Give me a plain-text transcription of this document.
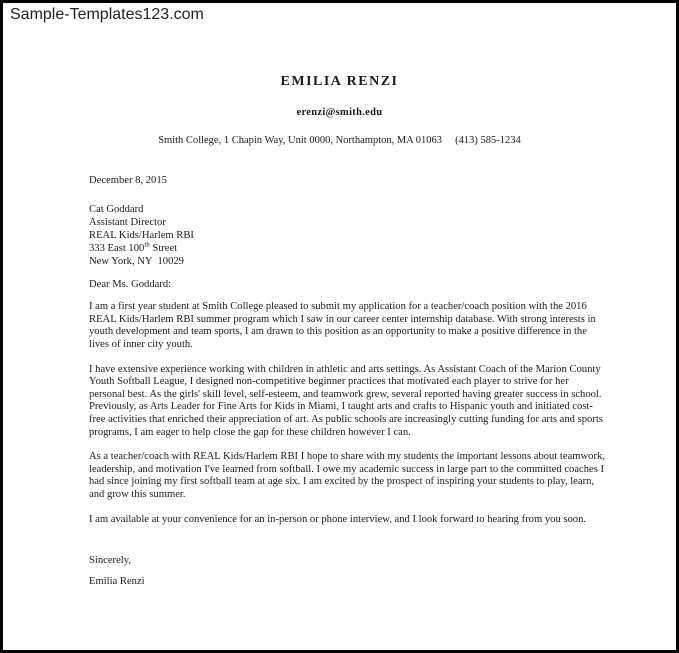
Sample-Templates123.com
EMILIA RENZI
erenzi@smith.edu
Smith College, 1 Chapin Way, Unit 0000, Northampton, MA 01063     (413) 585-1234

December 8, 2015

Cat Goddard
Assistant Director
REAL Kids/Harlem RBI
333 East 100th Street
New York, NY  10029

Dear Ms. Goddard:

I am a first year student at Smith College pleased to submit my application for a teacher/coach position with the 2016 REAL Kids/Harlem RBI summer program which I saw in our career center internship database. With strong interests in youth development and team sports, I am drawn to this position as an opportunity to make a positive difference in the lives of inner city youth.

I have extensive experience working with children in athletic and arts settings. As Assistant Coach of the Marion County Youth Softball League, I designed non-competitive beginner practices that motivated each player to strive for her personal best. As the girls' skill level, self-esteem, and teamwork grew, several reported having greater success in school. Previously, as Arts Leader for Fine Arts for Kids in Miami, I taught arts and crafts to Hispanic youth and initiated cost-free activities that enriched their appreciation of art. As public schools are increasingly cutting funding for arts and sports programs, I am eager to help close the gap for these children however I can.

As a teacher/coach with REAL Kids/Harlem RBI I hope to share with my students the important lessons about teamwork, leadership, and motivation I've learned from softball. I owe my academic success in large part to the committed coaches I had since joining my first softball team at age six. I am excited by the prospect of inspiring your students to play, learn, and grow this summer.

I am available at your convenience for an in-person or phone interview, and I look forward to hearing from you soon.

Sincerely,

Emilia Renzi
